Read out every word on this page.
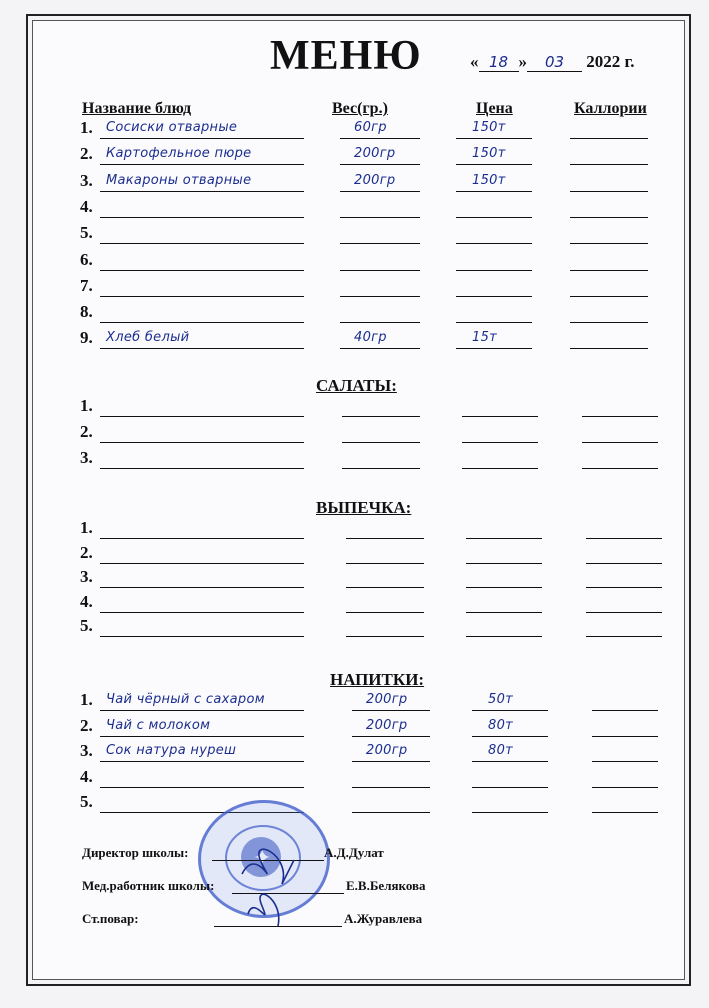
МЕНЮ	« 18 » 03 2022 г.
Название блюд	Вес(гр.)	Цена	Каллории
1.	Сосиски отварные	60гр	150т
2.	Картофельное пюре	200гр	150т
3.	Макароны отварные	200гр	150т
4.
5.
6.
7.
8.
9.	Хлеб белый	40гр	15т
САЛАТЫ:
1.
2.
3.
ВЫПЕЧКА:
1.
2.
3.
4.
5.
НАПИТКИ:
1.	Чай чёрный с сахаром	200гр	50т
2.	Чай с молоком	200гр	80т
3.	Сок натура нуреш	200гр	80т
4.
5.
✦
Директор школы:	А.Д.Дулат
Мед.работник школы:	Е.В.Белякова
Ст.повар:	А.Журавлева
